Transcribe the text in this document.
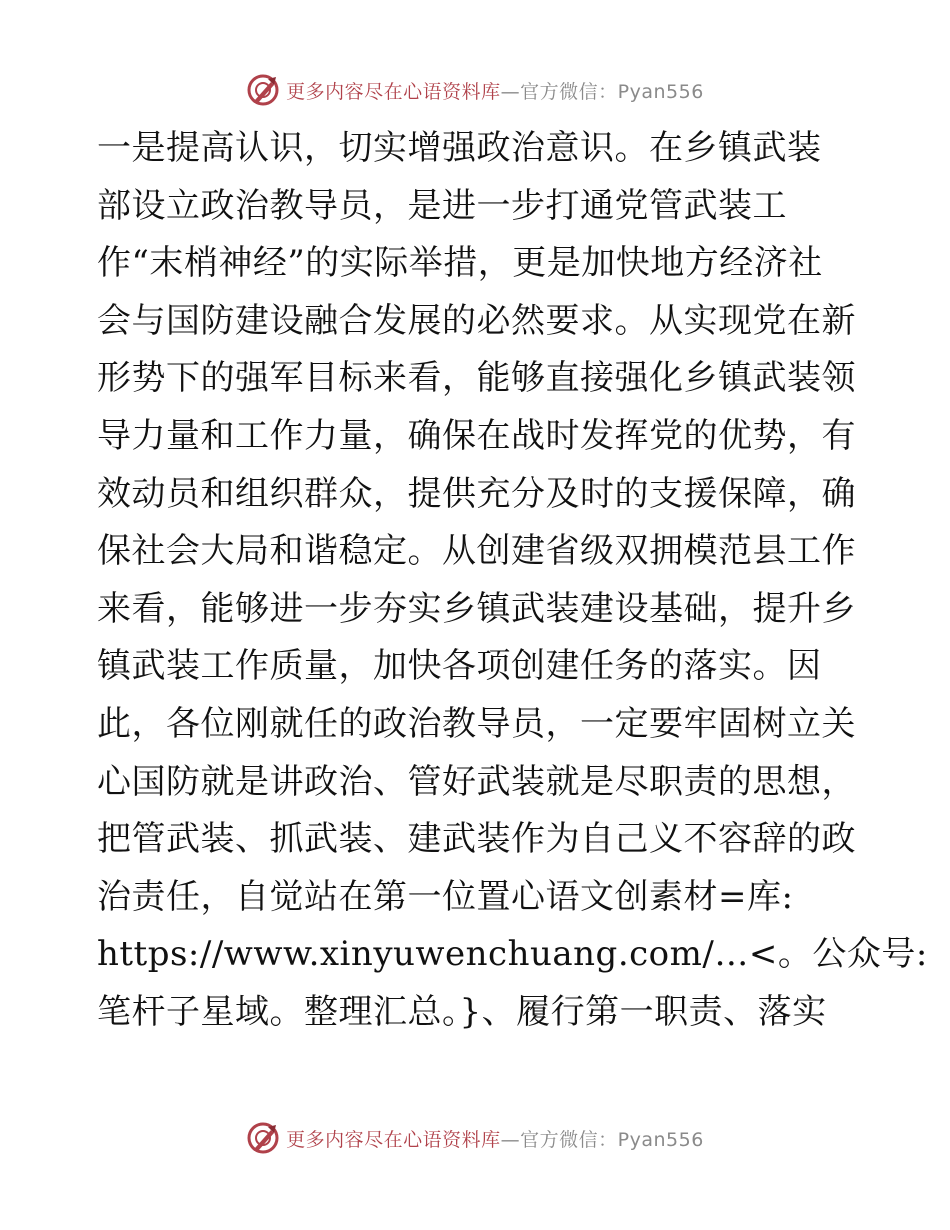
更多内容尽在心语资料库—官方微信：Pyan556
一是提高认识，切实增强政治意识。在乡镇武装
部设立政治教导员，是进一步打通党管武装工
作“末梢神经”的实际举措，更是加快地方经济社
会与国防建设融合发展的必然要求。从实现党在新
形势下的强军目标来看，能够直接强化乡镇武装领
导力量和工作力量，确保在战时发挥党的优势，有
效动员和组织群众，提供充分及时的支援保障，确
保社会大局和谐稳定。从创建省级双拥模范县工作
来看，能够进一步夯实乡镇武装建设基础，提升乡
镇武装工作质量，加快各项创建任务的落实。因
此，各位刚就任的政治教导员，一定要牢固树立关
心国防就是讲政治、管好武装就是尽职责的思想，
把管武装、抓武装、建武装作为自己义不容辞的政
治责任，自觉站在第一位置心语文创素材=库:
https://www.xinyuwenchuang.com/…<。公众号:
笔杆子星域。整理汇总。}、履行第一职责、落实
更多内容尽在心语资料库—官方微信：Pyan556
